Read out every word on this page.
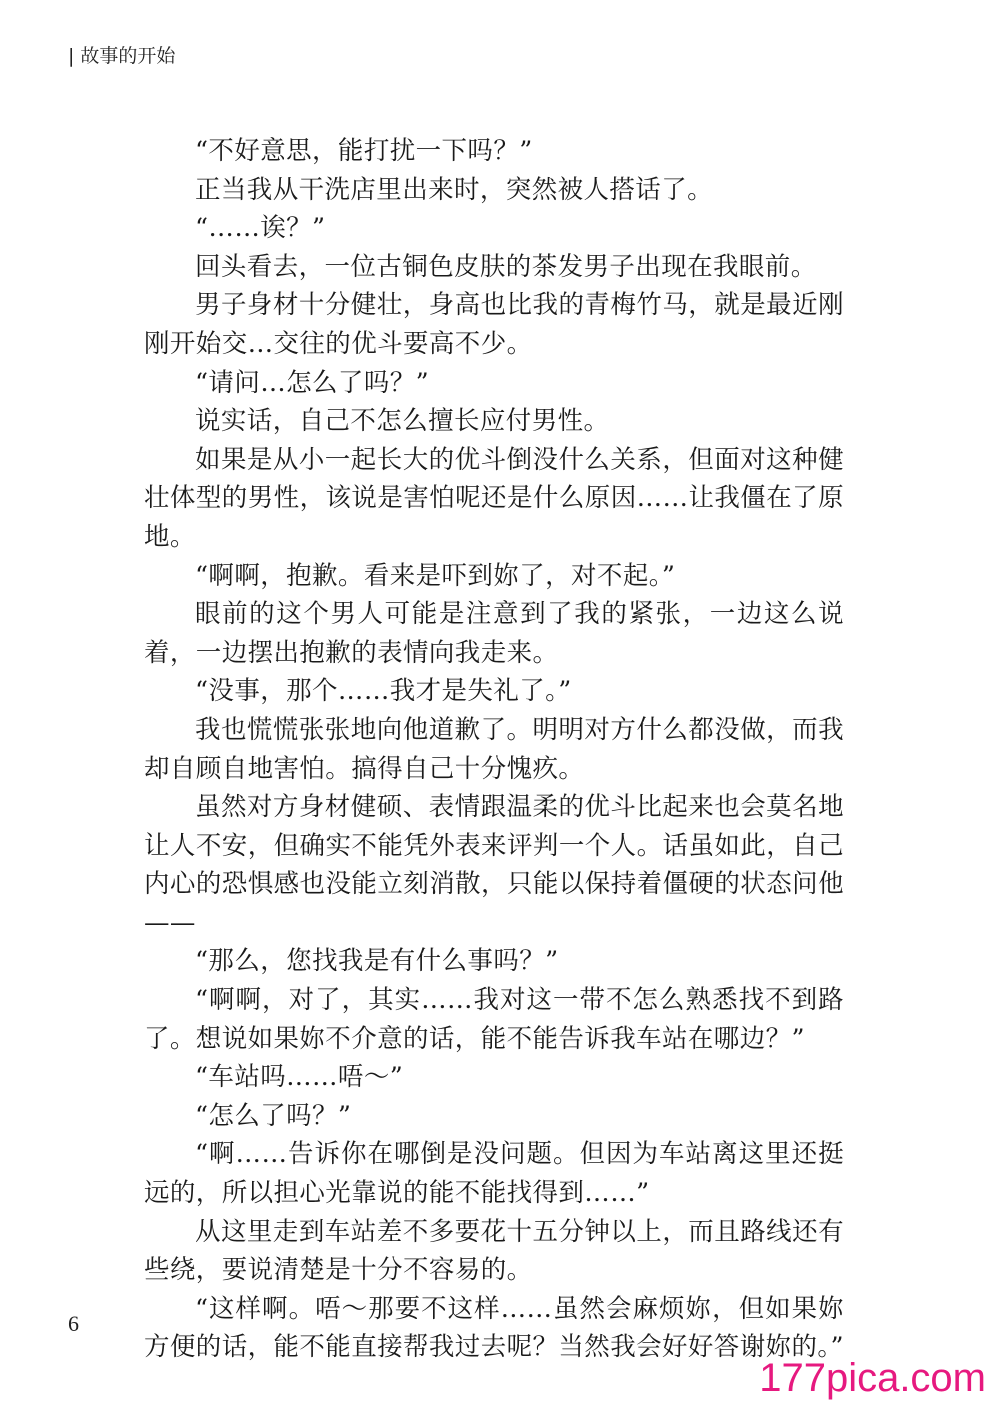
| 故事的开始

“不好意思，能打扰一下吗？”

正当我从干洗店里出来时，突然被人搭话了。

“……诶？”

回头看去，一位古铜色皮肤的茶发男子出现在我眼前。

男子身材十分健壮，身高也比我的青梅竹马，就是最近刚刚开始交…交往的优斗要高不少。

“请问…怎么了吗？”

说实话，自己不怎么擅长应付男性。

如果是从小一起长大的优斗倒没什么关系，但面对这种健壮体型的男性，该说是害怕呢还是什么原因……让我僵在了原地。

“啊啊，抱歉。看来是吓到妳了，对不起。”

眼前的这个男人可能是注意到了我的紧张，一边这么说着，一边摆出抱歉的表情向我走来。

“没事，那个……我才是失礼了。”

我也慌慌张张地向他道歉了。明明对方什么都没做，而我却自顾自地害怕。搞得自己十分愧疚。

虽然对方身材健硕、表情跟温柔的优斗比起来也会莫名地让人不安，但确实不能凭外表来评判一个人。话虽如此，自己内心的恐惧感也没能立刻消散，只能以保持着僵硬的状态问他——

“那么，您找我是有什么事吗？”

“啊啊，对了，其实……我对这一带不怎么熟悉找不到路了。想说如果妳不介意的话，能不能告诉我车站在哪边？”

“车站吗……唔～”

“怎么了吗？”

“啊……告诉你在哪倒是没问题。但因为车站离这里还挺远的，所以担心光靠说的能不能找得到……”

从这里走到车站差不多要花十五分钟以上，而且路线还有些绕，要说清楚是十分不容易的。

“这样啊。唔～那要不这样……虽然会麻烦妳，但如果妳方便的话，能不能直接帮我过去呢？当然我会好好答谢妳的。”

6
177pica.com
